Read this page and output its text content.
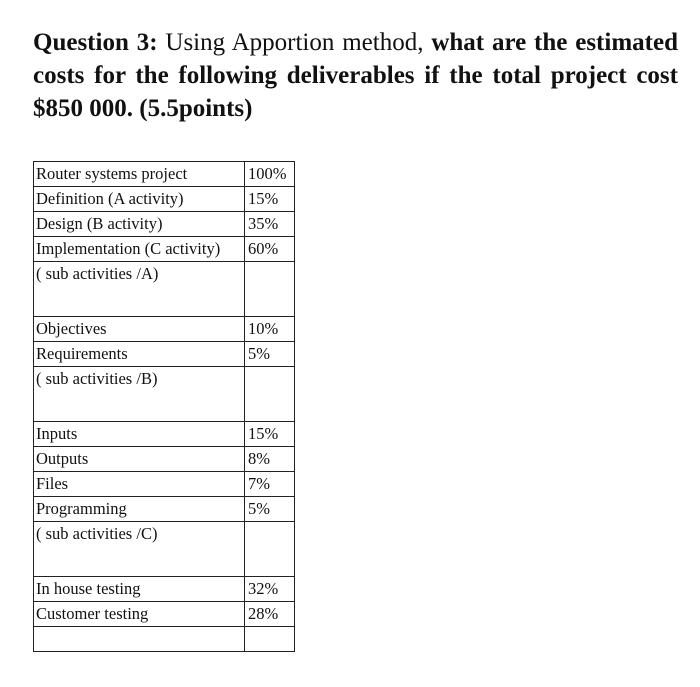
Question 3: Using Apportion method, what are the estimated costs for the following deliverables if the total project cost $850 000. (5.5points)

Router systems project	100%
Definition (A activity)	15%
Design (B activity)	35%
Implementation (C activity)	60%
( sub activities /A)	
Objectives	10%
Requirements	5%
( sub activities /B)	
Inputs	15%
Outputs	8%
Files	7%
Programming	5%
( sub activities /C)	
In house testing	32%
Customer testing	28%
